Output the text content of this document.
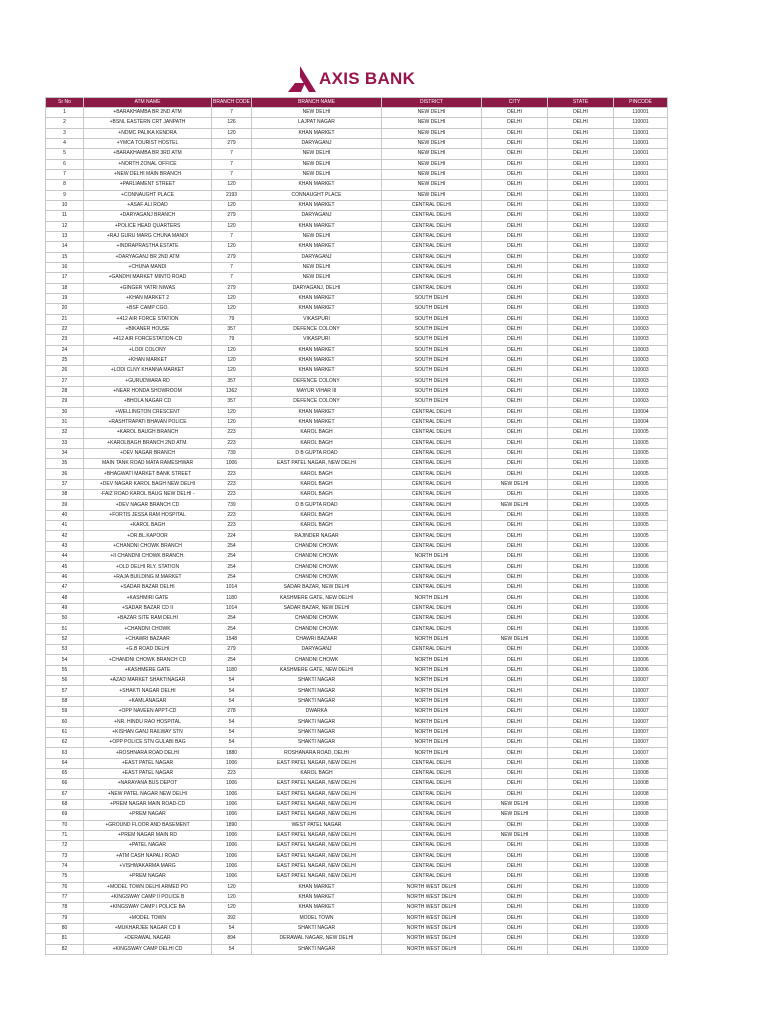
AXIS BANK
Sr No	ATM NAME	BRANCH CODE	BRANCH NAME	DISTRICT	CITY	STATE	PINCODE
1	+BARAKHAMBA BR 2ND ATM	7	NEW DELHI	NEW DELHI	DELHI	DELHI	110001
2	+BSNL EASTERN CRT JANPATH	126	LAJPAT NAGAR	NEW DELHI	DELHI	DELHI	110001
3	+NDMC PALIKA KENDRA	120	KHAN MARKET	NEW DELHI	DELHI	DELHI	110001
4	+YMCA TOURIST HOSTEL	279	DARYAGANJ	NEW DELHI	DELHI	DELHI	110001
5	+BARAKHAMBA BR 3RD ATM	7	NEW DELHI	NEW DELHI	DELHI	DELHI	110001
6	+NORTH ZONAL OFFICE	7	NEW DELHI	NEW DELHI	DELHI	DELHI	110001
7	+NEW DELHI MAIN BRANCH	7	NEW DELHI	NEW DELHI	DELHI	DELHI	110001
8	+PARLIAMENT STREET	120	KHAN MARKET	NEW DELHI	DELHI	DELHI	110001
9	+CONNAUGHT PLACE	2193	CONNAUGHT PLACE	NEW DELHI	DELHI	DELHI	110001
10	+ASAF ALI ROAD	120	KHAN MARKET	CENTRAL DELHI	DELHI	DELHI	110002
11	+DARYAGANJ BRANCH	279	DARYAGANJ	CENTRAL DELHI	DELHI	DELHI	110002
12	+POLICE HEAD QUARTERS	120	KHAN MARKET	CENTRAL DELHI	DELHI	DELHI	110002
13	+RAJ GURU MARG CHUNA MANDI	7	NEW DELHI	CENTRAL DELHI	DELHI	DELHI	110002
14	+INDRAPRASTHA ESTATE	120	KHAN MARKET	CENTRAL DELHI	DELHI	DELHI	110002
15	+DARYAGANJ BR 2ND ATM	279	DARYAGANJ	CENTRAL DELHI	DELHI	DELHI	110002
16	+CHUNA MANDI	7	NEW DELHI	CENTRAL DELHI	DELHI	DELHI	110002
17	+GANDHI MARKET MINTO ROAD	7	NEW DELHI	CENTRAL DELHI	DELHI	DELHI	110002
18	+GINGER YATRI NIWAS	279	DARYAGANJ, DELHI	CENTRAL DELHI	DELHI	DELHI	110002
19	+KHAN MARKET 2	120	KHAN MARKET	SOUTH DELHI	DELHI	DELHI	110003
20	+BSF CAMP CGO.	120	KHAN MARKET	SOUTH DELHI	DELHI	DELHI	110003
21	+412 AIR FORCE STATION	79	VIKASPURI	SOUTH DELHI	DELHI	DELHI	110003
22	+BIKANER HOUSE	357	DEFENCE COLONY	SOUTH DELHI	DELHI	DELHI	110003
23	+412 AIR FORCESTATION-CD	79	VIKASPURI	SOUTH DELHI	DELHI	DELHI	110003
24	+LODI COLONY	120	KHAN MARKET	SOUTH DELHI	DELHI	DELHI	110003
25	+KHAN MARKET	120	KHAN MARKET	SOUTH DELHI	DELHI	DELHI	110003
26	+LODI CLNY KHANNA MARKET	120	KHAN MARKET	SOUTH DELHI	DELHI	DELHI	110003
27	+GURUDWARA RD	357	DEFENCE COLONY	SOUTH DELHI	DELHI	DELHI	110003
28	+NEAR HONDA SHOWROOM	1362	MAYUR VIHAR III	SOUTH DELHI	DELHI	DELHI	110003
29	+BHOLA NAGAR CD	357	DEFENCE COLONY	SOUTH DELHI	DELHI	DELHI	110003
30	+WELLINGTON CRESCENT	120	KHAN MARKET	CENTRAL DELHI	DELHI	DELHI	110004
31	+RASHTRAPATI BHAVAN POLICE	120	KHAN MARKET	CENTRAL DELHI	DELHI	DELHI	110004
32	+KAROL BAUGH BRANCH	223	KAROL BAGH	CENTRAL DELHI	DELHI	DELHI	110005
33	+KAROLBAGH BRANCH 2ND ATM.	223	KAROL BAGH	CENTRAL DELHI	DELHI	DELHI	110005
34	+DEV NAGAR BRANCH	739	D B GUPTA ROAD	CENTRAL DELHI	DELHI	DELHI	110005
35	MAIN TANK ROAD MATA RAMESHWAR	1006	EAST PATEL NAGAR, NEW DELHI	CENTRAL DELHI	DELHI	DELHI	110005
36	+BHAGWATI MARKET BANK STREET	223	KAROL BAGH	CENTRAL DELHI	DELHI	DELHI	110005
37	+DEV NAGAR KAROL BAGH NEW DELHI	223	KAROL BAGH	CENTRAL DELHI	NEW DELHI	DELHI	110005
38	-FAIZ ROAD KAROL BAUG NEW DELHI -	223	KAROL BAGH	CENTRAL DELHI	DELHI	DELHI	110005
39	+DEV NAGAR BRANCH CD	739	D B GUPTA ROAD	CENTRAL DELHI	NEW DELHI	DELHI	110005
40	+FORTIS JESSA RAM HOSPITAL	223	KAROL BAGH	CENTRAL DELHI	DELHI	DELHI	110005
41	+KAROL BAGH	223	KAROL BAGH	CENTRAL DELHI	DELHI	DELHI	110005
42	+DR.BL.KAPOOR	224	RAJINDER NAGAR	CENTRAL DELHI	DELHI	DELHI	110005
43	+CHANDNI CHOWK BRANCH	254	CHANDNI CHOWK	CENTRAL DELHI	DELHI	DELHI	110006
44	+II CHANDNI CHOWK BRANCH.	254	CHANDNI CHOWK	NORTH DELHI	DELHI	DELHI	110006
45	+OLD DELHI RLY. STATION	254	CHANDNI CHOWK	CENTRAL DELHI	DELHI	DELHI	110006
46	+RAJA BUILDING M.MARKET	254	CHANDNI CHOWK	CENTRAL DELHI	DELHI	DELHI	110006
47	+SADAR BAZAR DELHI	1014	SADAR BAZAR, NEW DELHI	CENTRAL DELHI	DELHI	DELHI	110006
48	+KASHMIRI GATE	1180	KASHMERE GATE, NEW DELHI	NORTH DELHI	DELHI	DELHI	110006
49	+SADAR BAZAR CD II	1014	SADAR BAZAR, NEW DELHI	CENTRAL DELHI	DELHI	DELHI	110006
50	+BAZAR SITE RAM DELHI	254	CHANDNI CHOWK	CENTRAL DELHI	DELHI	DELHI	110006
51	+CHANDNI CHOWK	254	CHANDNI CHOWK	CENTRAL DELHI	DELHI	DELHI	110006
52	+CHAWRI BAZAAR	1548	CHAWRI BAZAAR	NORTH DELHI	NEW DELHI	DELHI	110006
53	+G.B ROAD DELHI	279	DARYAGANJ	CENTRAL DELHI	DELHI	DELHI	110006
54	+CHANDNI CHOWK BRANCH CD	254	CHANDNI CHOWK	NORTH DELHI	DELHI	DELHI	110006
55	+KASHMERE GATE	1180	KASHMERE GATE, NEW DELHI	NORTH DELHI	DELHI	DELHI	110006
56	+AZAD MARKET SHAKTINAGAR	54	SHAKTI NAGAR	NORTH DELHI	DELHI	DELHI	110007
57	+SHAKTI NAGAR DELHI	54	SHAKTI NAGAR	NORTH DELHI	DELHI	DELHI	110007
58	+KAMLANAGAR	54	SHAKTI NAGAR	NORTH DELHI	DELHI	DELHI	110007
59	+OPP NAVEEN APPT-CD	278	DWARKA	NORTH DELHI	DELHI	DELHI	110007
60	+NR. HINDU RAO HOSPITAL	54	SHAKTI NAGAR	NORTH DELHI	DELHI	DELHI	110007
61	+KISHAN GANJ RAILWAY STN	54	SHAKTI NAGAR	NORTH DELHI	DELHI	DELHI	110007
62	+OPP POLICE STN GULABI BAG	54	SHAKTI NAGAR	NORTH DELHI	DELHI	DELHI	110007
63	+ROSHNARA ROAD DELHI	1880	ROSHANARA ROAD, DELHI	NORTH DELHI	DELHI	DELHI	110007
64	+EAST PATEL NAGAR	1006	EAST PATEL NAGAR, NEW DELHI	CENTRAL DELHI	DELHI	DELHI	110008
65	+EAST PATEL NAGAR	223	KAROL BAGH	CENTRAL DELHI	DELHI	DELHI	110008
66	+NARAYANA BUS DEPOT	1006	EAST PATEL NAGAR, NEW DELHI	CENTRAL DELHI	DELHI	DELHI	110008
67	+NEW PATEL NAGAR NEW DELHI	1006	EAST PATEL NAGAR, NEW DELHI	CENTRAL DELHI	DELHI	DELHI	110008
68	+PREM NAGAR MAIN ROAD-CD	1006	EAST PATEL NAGAR, NEW DELHI	CENTRAL DELHI	NEW DELHI	DELHI	110008
69	+PREM NAGAR	1006	EAST PATEL NAGAR, NEW DELHI	CENTRAL DELHI	NEW DELHI	DELHI	110008
70	+GROUND FLOOR AND BASEMENT	1890	WEST PATEL NAGAR	CENTRAL DELHI	DELHI	DELHI	110008
71	+PREM NAGAR MAIN RD	1006	EAST PATEL NAGAR, NEW DELHI	CENTRAL DELHI	NEW DELHI	DELHI	110008
72	+PATEL NAGAR	1006	EAST PATEL NAGAR, NEW DELHI	CENTRAL DELHI	DELHI	DELHI	110008
73	+ATM CASH NAPALI ROAD	1006	EAST PATEL NAGAR, NEW DELHI	CENTRAL DELHI	DELHI	DELHI	110008
74	+VISHWAKARMA MARG	1006	EAST PATEL NAGAR, NEW DELHI	CENTRAL DELHI	DELHI	DELHI	110008
75	+PREM NAGAR	1006	EAST PATEL NAGAR, NEW DELHI	CENTRAL DELHI	DELHI	DELHI	110008
76	+MODEL TOWN DELHI ARMED PO	120	KHAN MARKET	NORTH WEST DELHI	DELHI	DELHI	110009
77	+KINGSWAY CAMP II POLICE B	120	KHAN MARKET	NORTH WEST DELHI	DELHI	DELHI	110009
78	+KINGSWAY CAMP I POLICE BA	120	KHAN MARKET	NORTH WEST DELHI	DELHI	DELHI	110009
79	+MODEL TOWN	392	MODEL TOWN	NORTH WEST DELHI	DELHI	DELHI	110009
80	+MUKHARJEE NAGAR CD II	54	SHAKTI NAGAR	NORTH WEST DELHI	DELHI	DELHI	110009
81	+DERAWAL NAGAR	894	DERAWAL NAGAR, NEW DELHI	NORTH WEST DELHI	DELHI	DELHI	110009
82	+KINGSWAY CAMP DELHI CD	54	SHAKTI NAGAR	NORTH WEST DELHI	DELHI	DELHI	110009
